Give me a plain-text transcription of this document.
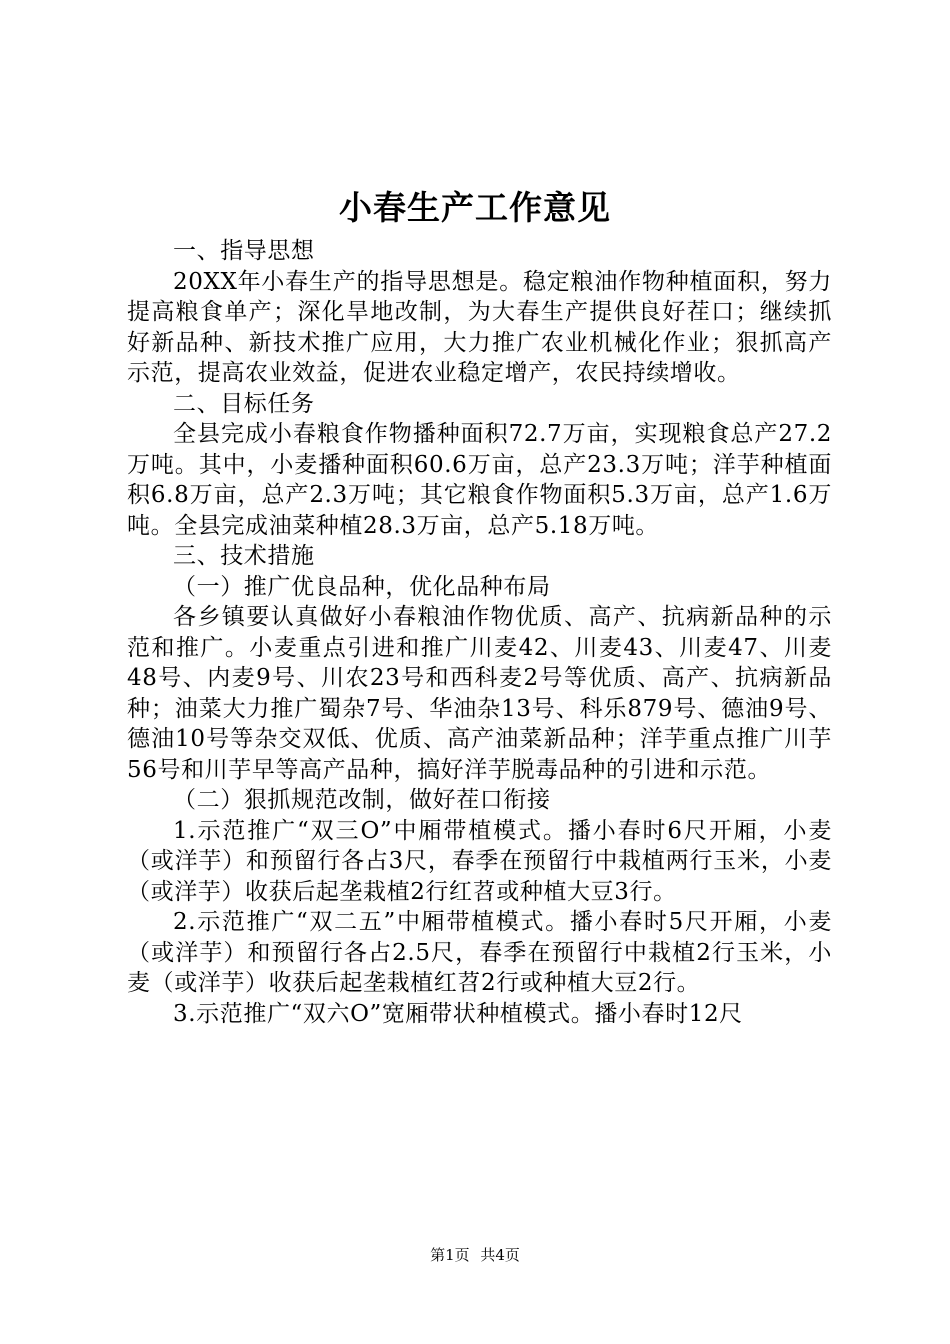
小春生产工作意见

一、指导思想

20XX年小春生产的指导思想是。稳定粮油作物种植面积，努力提高粮食单产；深化旱地改制，为大春生产提供良好茬口；继续抓好新品种、新技术推广应用，大力推广农业机械化作业；狠抓高产示范，提高农业效益，促进农业稳定增产，农民持续增收。

二、目标任务

全县完成小春粮食作物播种面积72.7万亩，实现粮食总产27.2万吨。其中，小麦播种面积60.6万亩，总产23.3万吨；洋芋种植面积6.8万亩，总产2.3万吨；其它粮食作物面积5.3万亩，总产1.6万吨。全县完成油菜种植28.3万亩，总产5.18万吨。

三、技术措施

（一）推广优良品种，优化品种布局

各乡镇要认真做好小春粮油作物优质、高产、抗病新品种的示范和推广。小麦重点引进和推广川麦42、川麦43、川麦47、川麦48号、内麦9号、川农23号和西科麦2号等优质、高产、抗病新品种；油菜大力推广蜀杂7号、华油杂13号、科乐879号、德油9号、德油10号等杂交双低、优质、高产油菜新品种；洋芋重点推广川芋56号和川芋早等高产品种，搞好洋芋脱毒品种的引进和示范。

（二）狠抓规范改制，做好茬口衔接

1.示范推广“双三O”中厢带植模式。播小春时6尺开厢，小麦（或洋芋）和预留行各占3尺，春季在预留行中栽植两行玉米，小麦（或洋芋）收获后起垄栽植2行红苕或种植大豆3行。

2.示范推广“双二五”中厢带植模式。播小春时5尺开厢，小麦（或洋芋）和预留行各占2.5尺，春季在预留行中栽植2行玉米，小麦（或洋芋）收获后起垄栽植红苕2行或种植大豆2行。

3.示范推广“双六O”宽厢带状种植模式。播小春时12尺

第1页 共4页
